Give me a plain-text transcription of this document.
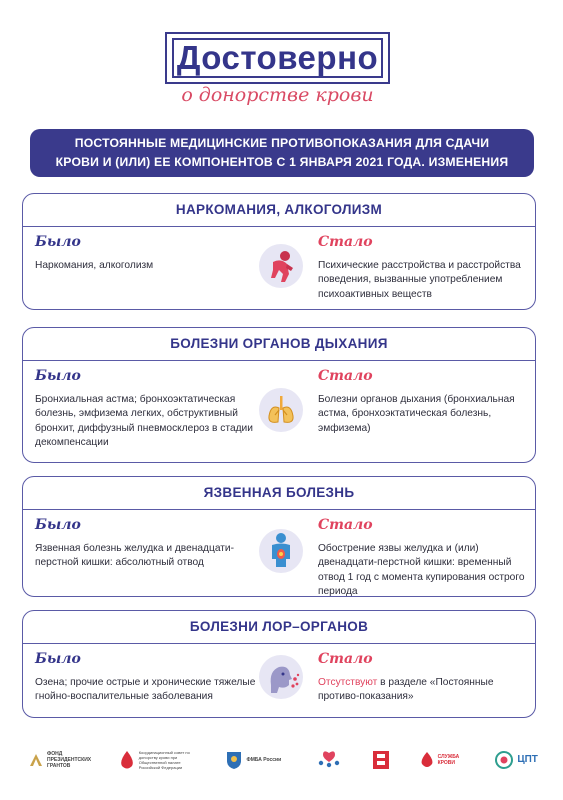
Достоверно
о донорстве крови
ПОСТОЯННЫЕ МЕДИЦИНСКИЕ ПРОТИВОПОКАЗАНИЯ ДЛЯ СДАЧИ
КРОВИ И (ИЛИ) ЕЕ КОМПОНЕНТОВ С 1 ЯНВАРЯ 2021 ГОДА. ИЗМЕНЕНИЯ
НАРКОМАНИЯ, АЛКОГОЛИЗМ
Было
Наркомания, алкоголизм
Стало
Психические расстройства и расстройства поведения, вызванные употреблением психоактивных веществ
БОЛЕЗНИ ОРГАНОВ ДЫХАНИЯ
Было
Бронхиальная астма; бронхоэктатическая болезнь, эмфизема легких, обструктивный бронхит, диффузный пневмосклероз в стадии декомпенсации
Стало
Болезни органов дыхания (бронхиальная астма, бронхоэктатическая болезнь, эмфизема)
ЯЗВЕННАЯ БОЛЕЗНЬ
Было
Язвенная болезнь желудка и двенадцати-перстной кишки: абсолютный отвод
Стало
Обострение язвы желудка и (или) двенадцати-перстной кишки: временный отвод 1 год с момента купирования острого периода
БОЛЕЗНИ ЛОР–ОРГАНОВ
Было
Озена; прочие острые и хронические тяжелые гнойно-воспалительные заболевания
Стало
Отсутствуют в разделе «Постоянные противо-показания»
ФОНД ПРЕЗИДЕНТСКИХ ГРАНТОВ
Координационный совет по донорству крови при Общественной палате Российской Федерации
ФМБА России	СЛУЖБА КРОВИ	ЦПТ
